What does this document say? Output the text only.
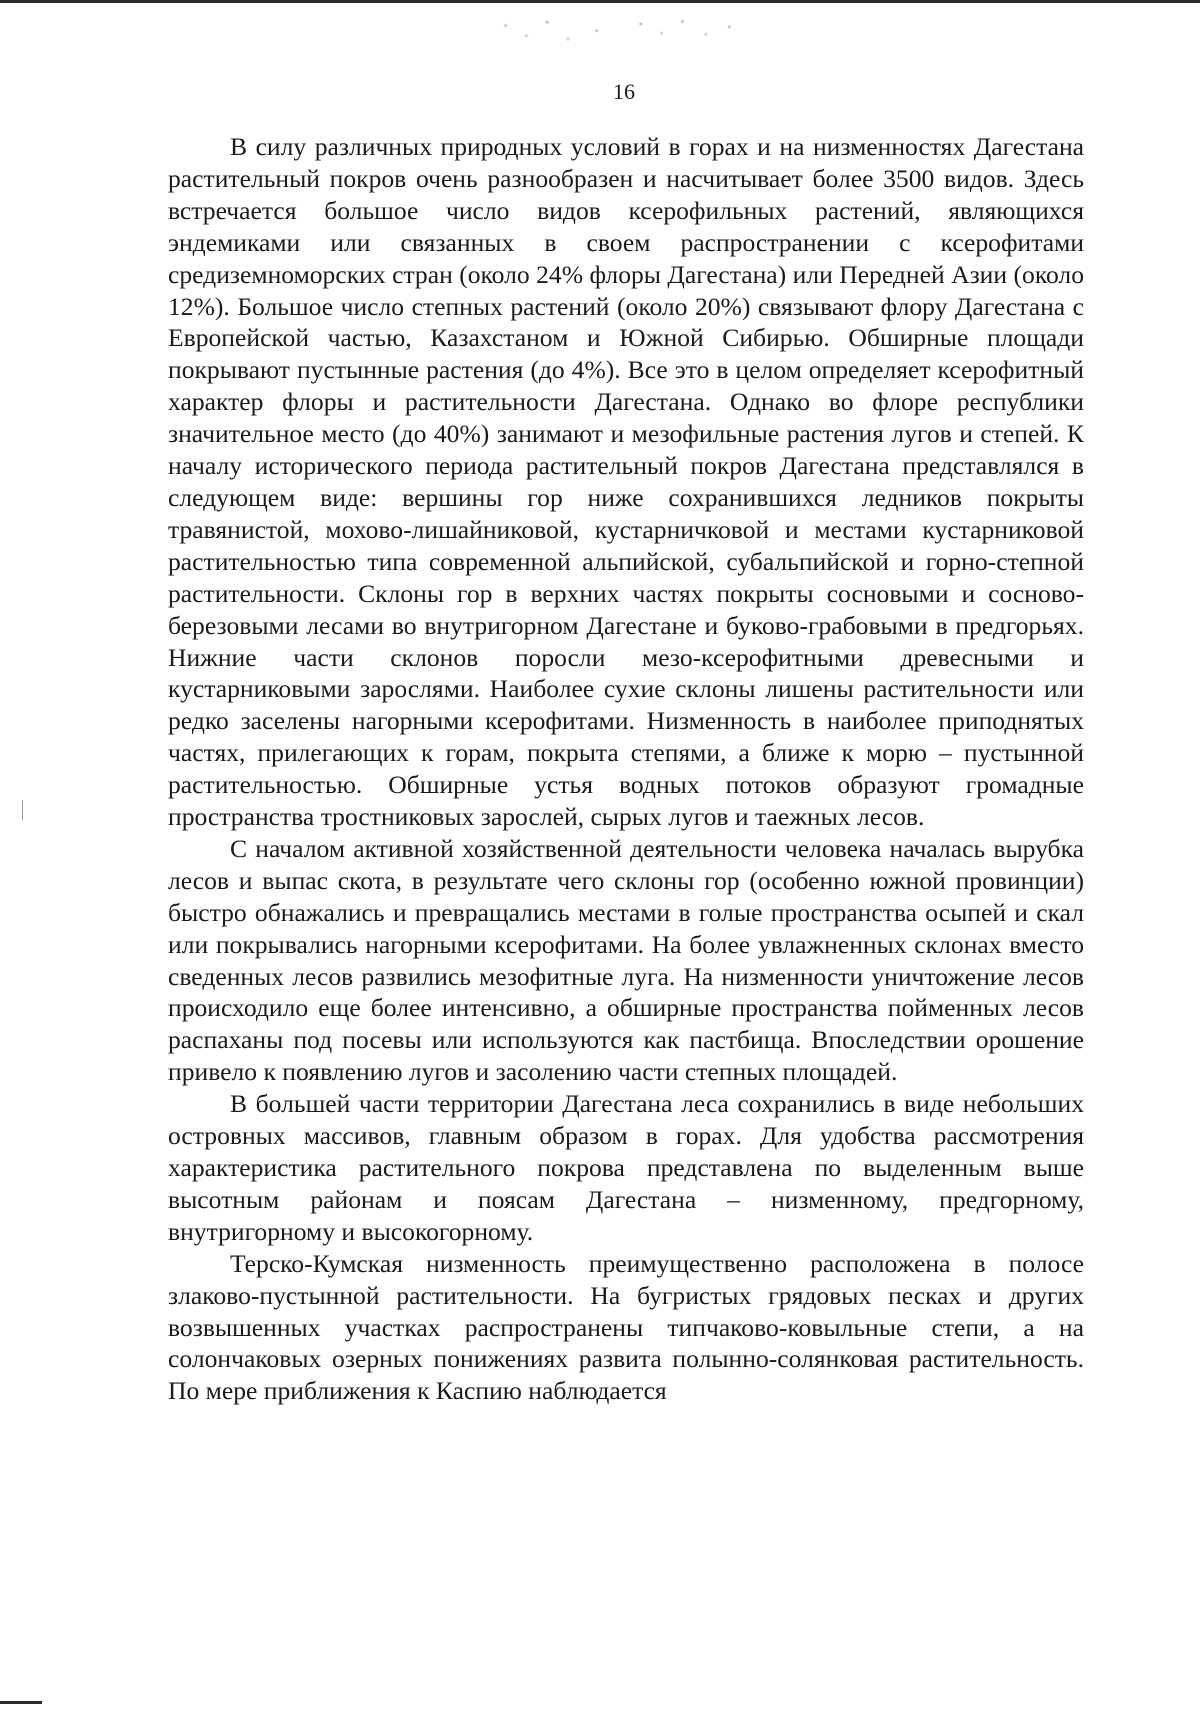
16

В силу различных природных условий в горах и на низменностях Дагестана растительный покров очень разнообразен и насчитывает более 3500 видов. Здесь встречается большое число видов ксерофильных растений, являющихся эндемиками или связанных в своем распространении с ксерофитами средиземноморских стран (около 24% флоры Дагестана) или Передней Азии (около 12%). Большое число степных растений (около 20%) связывают флору Дагестана с Европейской частью, Казахстаном и Южной Сибирью. Обширные площади покрывают пустынные растения (до 4%). Все это в целом определяет ксерофитный характер флоры и растительности Дагестана. Однако во флоре республики значительное место (до 40%) занимают и мезофильные растения лугов и степей. К началу исторического периода растительный покров Дагестана представлялся в следующем виде: вершины гор ниже сохранившихся ледников покрыты травянистой, мохово-лишайниковой, кустарничковой и местами кустарниковой растительностью типа современной альпийской, субальпийской и горно-степной растительности. Склоны гор в верхних частях покрыты сосновыми и сосново-березовыми лесами во внутригорном Дагестане и буково-грабовыми в предгорьях. Нижние части склонов поросли мезо-ксерофитными древесными и кустарниковыми зарослями. Наиболее сухие склоны лишены растительности или редко заселены нагорными ксерофитами. Низменность в наиболее приподнятых частях, прилегающих к горам, покрыта степями, а ближе к морю – пустынной растительностью. Обширные устья водных потоков образуют громадные пространства тростниковых зарослей, сырых лугов и таежных лесов.

С началом активной хозяйственной деятельности человека началась вырубка лесов и выпас скота, в результате чего склоны гор (особенно южной провинции) быстро обнажались и превращались местами в голые пространства осыпей и скал или покрывались нагорными ксерофитами. На более увлажненных склонах вместо сведенных лесов развились мезофитные луга. На низменности уничтожение лесов происходило еще более интенсивно, а обширные пространства пойменных лесов распаханы под посевы или используются как пастбища. Впоследствии орошение привело к появлению лугов и засолению части степных площадей.

В большей части территории Дагестана леса сохранились в виде небольших островных массивов, главным образом в горах. Для удобства рассмотрения характеристика растительного покрова представлена по выделенным выше высотным районам и поясам Дагестана – низменному, предгорному, внутригорному и высокогорному.

Терско-Кумская низменность преимущественно расположена в полосе злаково-пустынной растительности. На бугристых грядовых песках и других возвышенных участках распространены типчаково-ковыльные степи, а на солончаковых озерных понижениях развита полынно-солянковая растительность. По мере приближения к Каспию наблюдается
